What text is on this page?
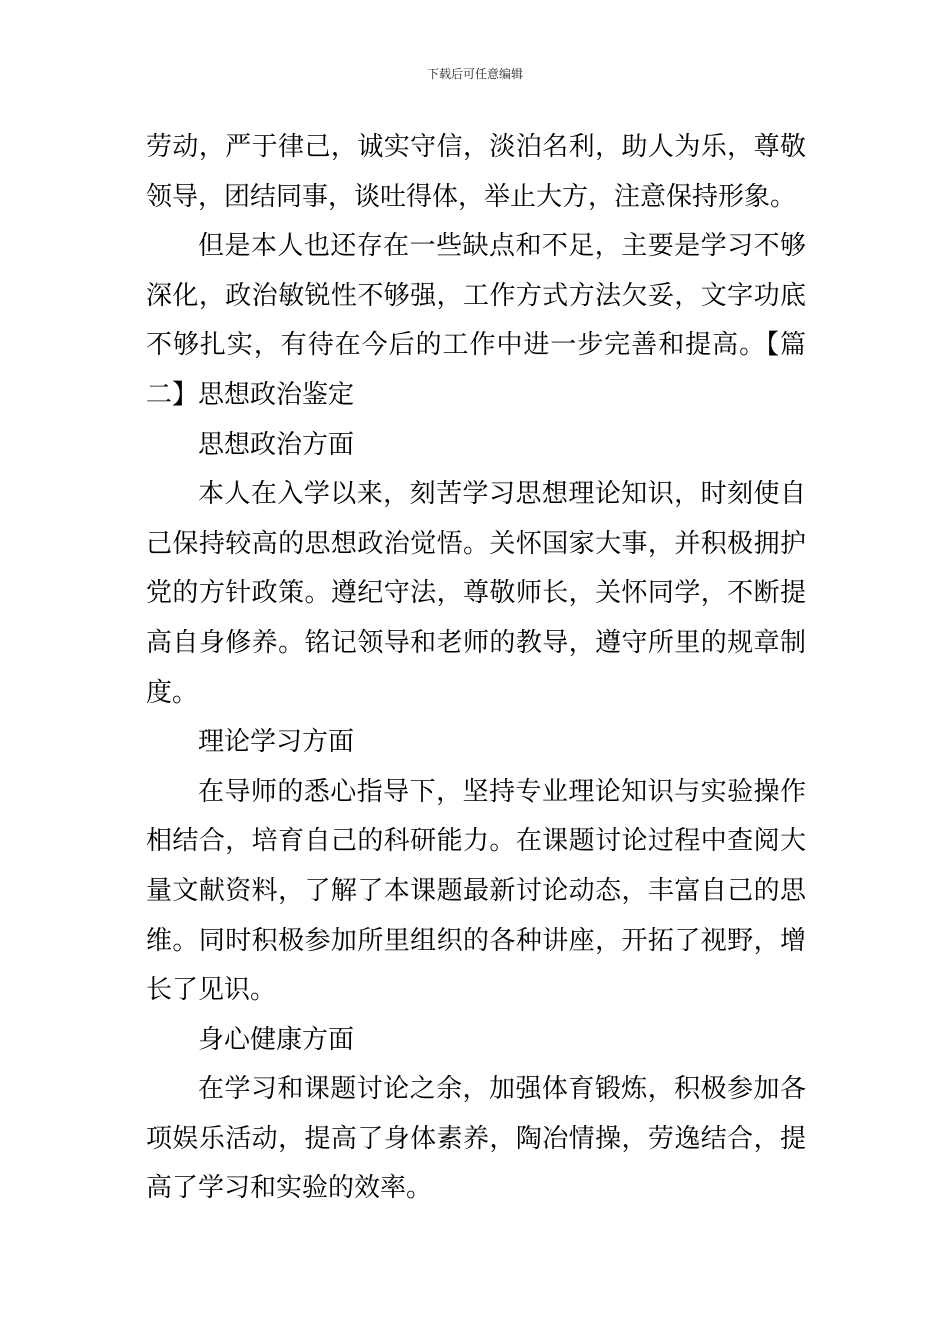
下载后可任意编辑

劳动，严于律己，诚实守信，淡泊名利，助人为乐，尊敬领导，团结同事，谈吐得体，举止大方，注意保持形象。

但是本人也还存在一些缺点和不足，主要是学习不够深化，政治敏锐性不够强，工作方式方法欠妥，文字功底不够扎实，有待在今后的工作中进一步完善和提高。【篇二】思想政治鉴定

思想政治方面

本人在入学以来，刻苦学习思想理论知识，时刻使自己保持较高的思想政治觉悟。关怀国家大事，并积极拥护党的方针政策。遵纪守法，尊敬师长，关怀同学，不断提高自身修养。铭记领导和老师的教导，遵守所里的规章制度。

理论学习方面

在导师的悉心指导下，坚持专业理论知识与实验操作相结合，培育自己的科研能力。在课题讨论过程中查阅大量文献资料，了解了本课题最新讨论动态，丰富自己的思维。同时积极参加所里组织的各种讲座，开拓了视野，增长了见识。

身心健康方面

在学习和课题讨论之余，加强体育锻炼，积极参加各项娱乐活动，提高了身体素养，陶冶情操，劳逸结合，提高了学习和实验的效率。
